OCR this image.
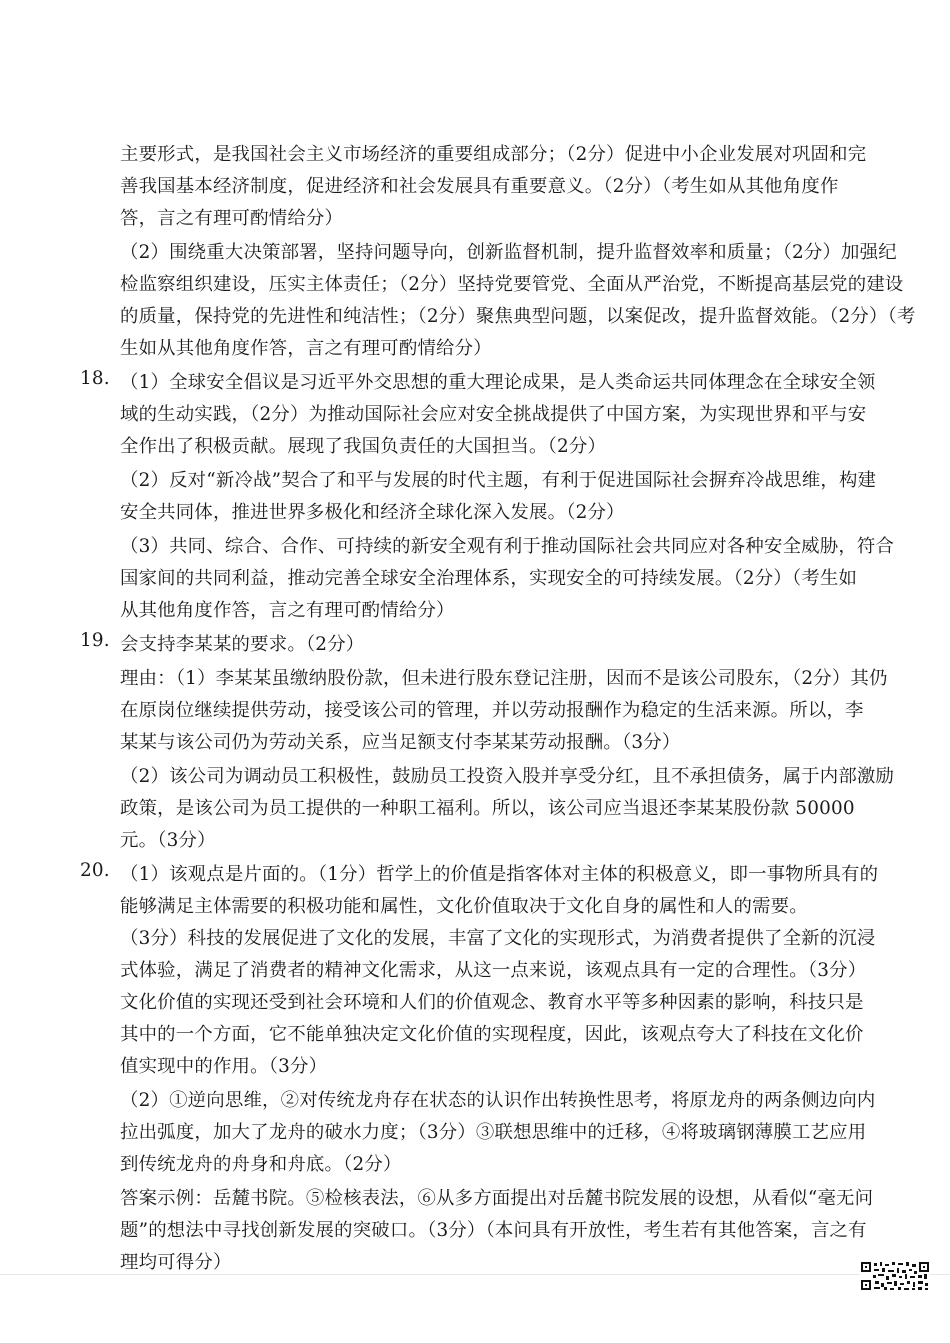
主要形式，是我国社会主义市场经济的重要组成部分；（2分）促进中小企业发展对巩固和完
善我国基本经济制度，促进经济和社会发展具有重要意义。（2分）（考生如从其他角度作
答，言之有理可酌情给分）
（2）围绕重大决策部署，坚持问题导向，创新监督机制，提升监督效率和质量；（2分）加强纪
检监察组织建设，压实主体责任；（2分）坚持党要管党、全面从严治党，不断提高基层党的建设
的质量，保持党的先进性和纯洁性；（2分）聚焦典型问题，以案促改，提升监督效能。（2分）（考
生如从其他角度作答，言之有理可酌情给分）
18. （1）全球安全倡议是习近平外交思想的重大理论成果，是人类命运共同体理念在全球安全领
域的生动实践，（2分）为推动国际社会应对安全挑战提供了中国方案，为实现世界和平与安
全作出了积极贡献。展现了我国负责任的大国担当。（2分）
（2）反对“新冷战”契合了和平与发展的时代主题，有利于促进国际社会摒弃冷战思维，构建
安全共同体，推进世界多极化和经济全球化深入发展。（2分）
（3）共同、综合、合作、可持续的新安全观有利于推动国际社会共同应对各种安全威胁，符合
国家间的共同利益，推动完善全球安全治理体系，实现安全的可持续发展。（2分）（考生如
从其他角度作答，言之有理可酌情给分）
19. 会支持李某某的要求。（2分）
理由：（1）李某某虽缴纳股份款，但未进行股东登记注册，因而不是该公司股东，（2分）其仍
在原岗位继续提供劳动，接受该公司的管理，并以劳动报酬作为稳定的生活来源。所以，李
某某与该公司仍为劳动关系，应当足额支付李某某劳动报酬。（3分）
（2）该公司为调动员工积极性，鼓励员工投资入股并享受分红，且不承担债务，属于内部激励
政策，是该公司为员工提供的一种职工福利。所以，该公司应当退还李某某股份款 50000
元。（3分）
20. （1）该观点是片面的。（1分）哲学上的价值是指客体对主体的积极意义，即一事物所具有的
能够满足主体需要的积极功能和属性，文化价值取决于文化自身的属性和人的需要。
（3分）科技的发展促进了文化的发展，丰富了文化的实现形式，为消费者提供了全新的沉浸
式体验，满足了消费者的精神文化需求，从这一点来说，该观点具有一定的合理性。（3分）
文化价值的实现还受到社会环境和人们的价值观念、教育水平等多种因素的影响，科技只是
其中的一个方面，它不能单独决定文化价值的实现程度，因此，该观点夸大了科技在文化价
值实现中的作用。（3分）
（2）①逆向思维，②对传统龙舟存在状态的认识作出转换性思考，将原龙舟的两条侧边向内
拉出弧度，加大了龙舟的破水力度；（3分）③联想思维中的迁移，④将玻璃钢薄膜工艺应用
到传统龙舟的舟身和舟底。（2分）
答案示例：岳麓书院。⑤检核表法，⑥从多方面提出对岳麓书院发展的设想，从看似“毫无问
题”的想法中寻找创新发展的突破口。（3分）（本问具有开放性，考生若有其他答案，言之有
理均可得分）
